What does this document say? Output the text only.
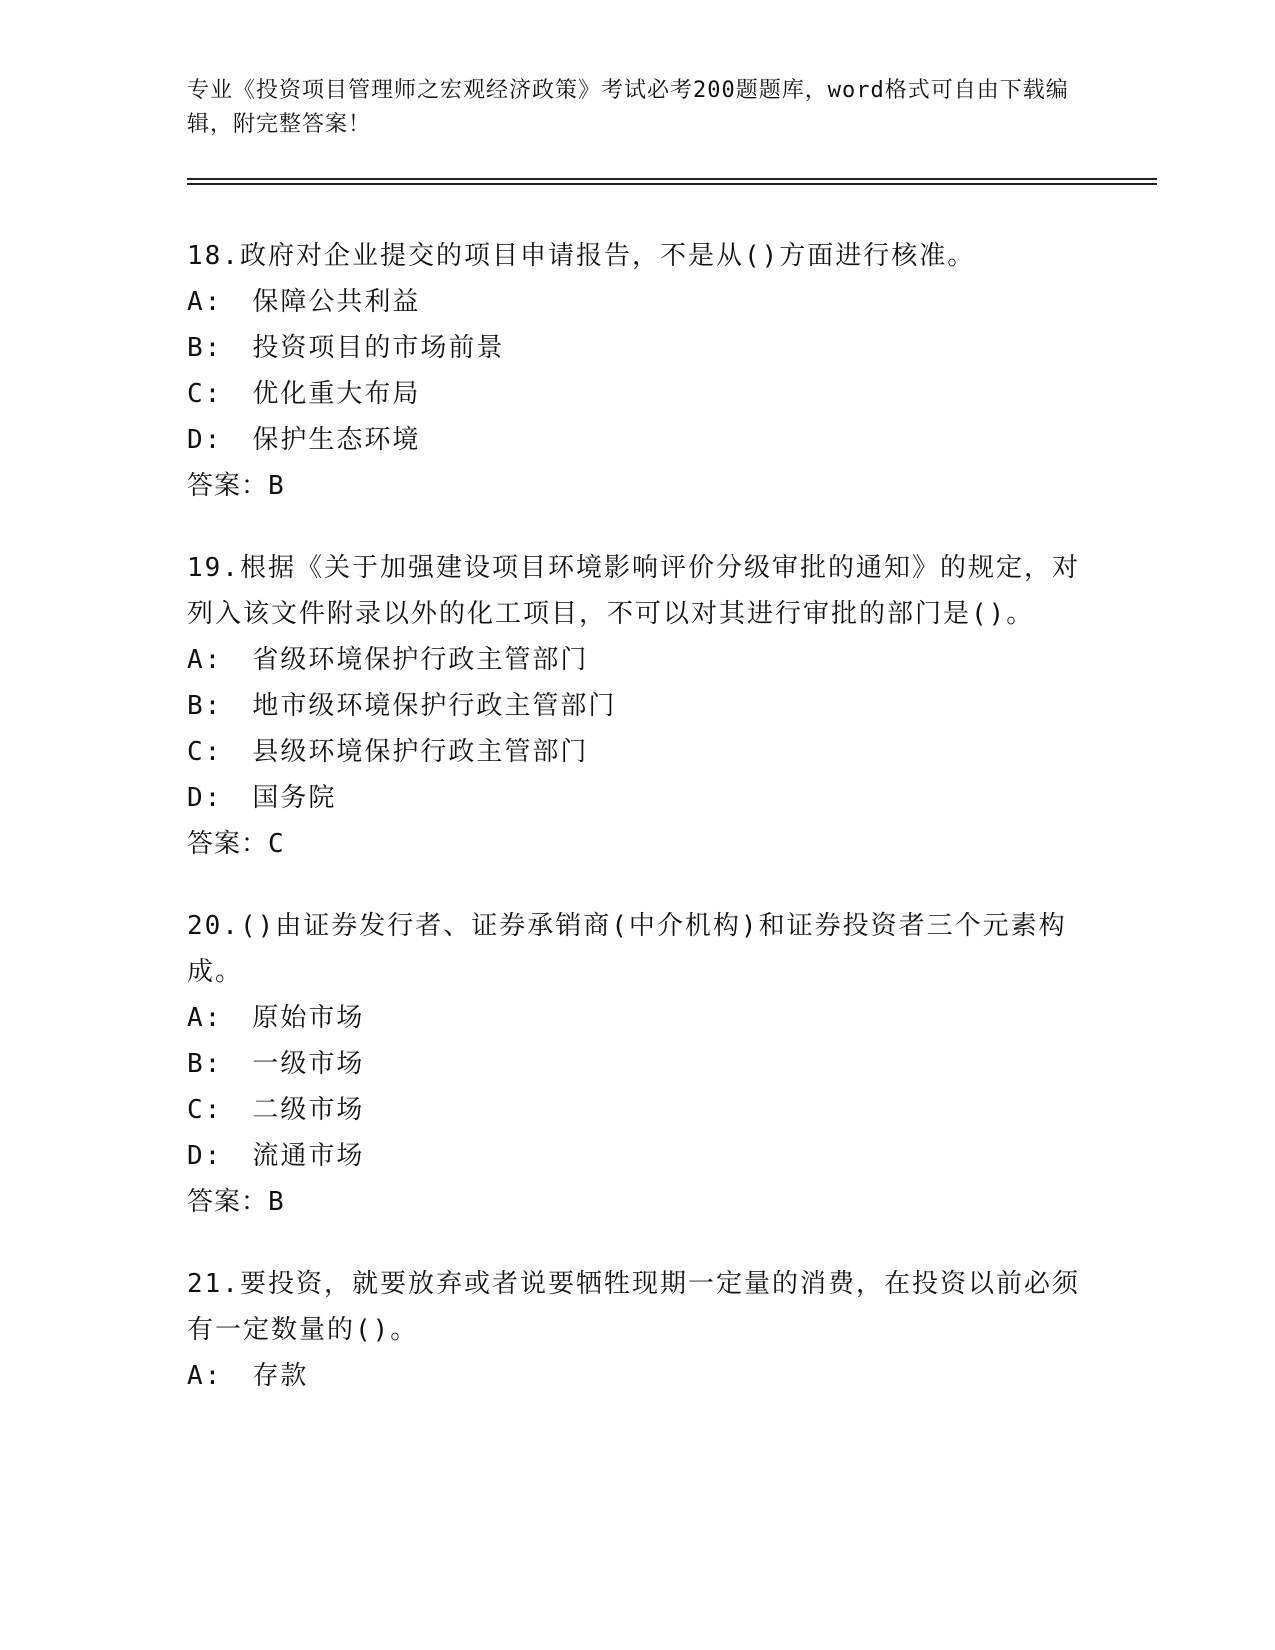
专业《投资项目管理师之宏观经济政策》考试必考200题题库，word格式可自由下载编辑，附完整答案！
18.政府对企业提交的项目申请报告，不是从()方面进行核准。
A: 保障公共利益
B: 投资项目的市场前景
C: 优化重大布局
D: 保护生态环境
答案：B
19.根据《关于加强建设项目环境影响评价分级审批的通知》的规定，对列入该文件附录以外的化工项目，不可以对其进行审批的部门是()。
A: 省级环境保护行政主管部门
B: 地市级环境保护行政主管部门
C: 县级环境保护行政主管部门
D: 国务院
答案：C
20.()由证券发行者、证券承销商(中介机构)和证券投资者三个元素构成。
A: 原始市场
B: 一级市场
C: 二级市场
D: 流通市场
答案：B
21.要投资，就要放弃或者说要牺牲现期一定量的消费，在投资以前必须有一定数量的()。
A: 存款
